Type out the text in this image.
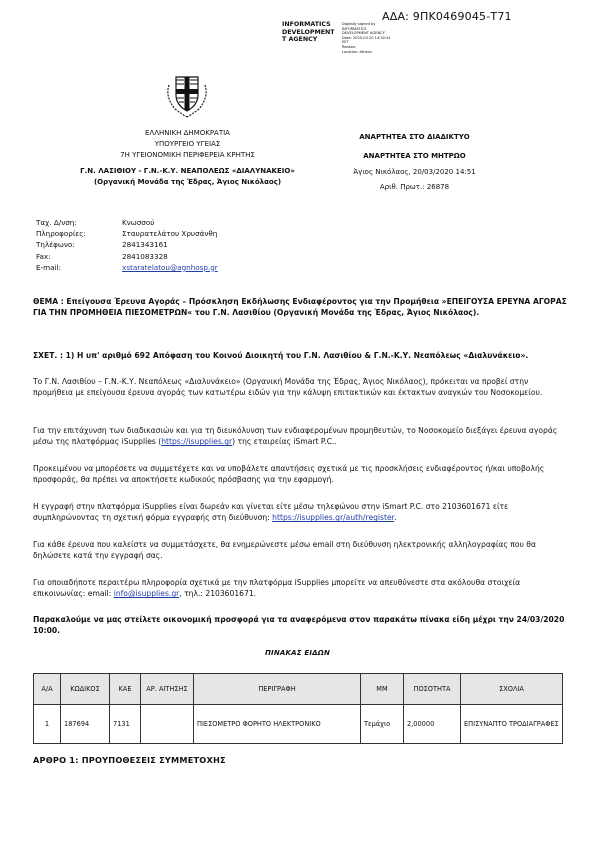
ΑΔΑ: 9ΠΚ0469045-Τ71
INFORMATICS
DEVELOPMENT
T AGENCY
Digitally signed by
INFORMATICS
DEVELOPMENT AGENCY
Date: 2020.03.20 14:52:41
EET
Reason:
Location: Athens
ΕΛΛΗΝΙΚΗ ΔΗΜΟΚΡΑΤΙΑ
ΥΠΟΥΡΓΕΙΟ ΥΓΕΙΑΣ
7Η ΥΓΕΙΟΝΟΜΙΚΗ ΠΕΡΙΦΕΡΕΙΑ ΚΡΗΤΗΣ
Γ.Ν. ΛΑΣΙΘΙΟΥ - Γ.Ν.-Κ.Υ. ΝΕΑΠΟΛΕΩΣ «ΔΙΑΛΥΝΑΚΕΙΟ»
(Οργανική Μονάδα της Έδρας, Άγιος Νικόλαος)
ΑΝΑΡΤΗΤΕΑ ΣΤΟ ΔΙΑΔΙΚΤΥΟ
ΑΝΑΡΤΗΤΕΑ ΣΤΟ ΜΗΤΡΩΟ
Άγιος Νικόλαος, 20/03/2020 14:51
Αριθ. Πρωτ.: 26878
Ταχ. Δ/νση:	Κνωσσού
Πληροφορίες:	Σταυρατελάτου Χρυσάνθη
Τηλέφωνο:	2841343161
Fax:	2841083328
E-mail:	xstaratelatou@agnhosp.gr

ΘΕΜΑ : Επείγουσα Έρευνα Αγοράς – Πρόσκληση Εκδήλωσης Ενδιαφέροντος για την Προμήθεια »ΕΠΕΙΓΟΥΣΑ ΕΡΕΥΝΑ ΑΓΟΡΑΣ ΓΙΑ ΤΗΝ ΠΡΟΜΗΘΕΙΑ ΠΙΕΣΟΜΕΤΡΩΝ« του Γ.Ν. Λασιθίου (Οργανική Μονάδα της Έδρας, Άγιος Νικόλαος).

ΣΧΕΤ. : 1) Η υπ' αριθμό 692 Απόφαση του Κοινού Διοικητή του Γ.Ν. Λασιθίου & Γ.Ν.-Κ.Υ. Νεαπόλεως «Διαλυνάκειο».

Το Γ.Ν. Λασιθίου – Γ.Ν.-Κ.Υ. Νεαπόλεως «Διαλυνάκειο» (Οργανική Μονάδα της Έδρας, Άγιος Νικόλαος), πρόκειται να προβεί στην προμήθεια με επείγουσα έρευνα αγοράς των κατωτέρω ειδών για την κάλυψη επιτακτικών και έκτακτων αναγκών του Νοσοκομείου.

Για την επιτάχυνση των διαδικασιών και για τη διευκόλυνση των ενδιαφερομένων προμηθευτών, το Νοσοκομείο διεξάγει έρευνα αγοράς μέσω της πλατφόρμας iSupplies (https://isupplies.gr) της εταιρείας iSmart P.C..

Προκειμένου να μπορέσετε να συμμετέχετε και να υποβάλετε απαντήσεις σχετικά με τις προσκλήσεις ενδιαφέροντος ή/και υποβολής προσφοράς, θα πρέπει να αποκτήσετε κωδικούς πρόσβασης για την εφαρμογή.

Η εγγραφή στην πλατφόρμα iSupplies είναι δωρεάν και γίνεται είτε μέσω τηλεφώνου στην iSmart P.C. στο 2103601671 είτε συμπληρώνοντας τη σχετική φόρμα εγγραφής στη διεύθυνση: https://isupplies.gr/auth/register.

Για κάθε έρευνα που καλείστε να συμμετάσχετε, θα ενημερώνεστε μέσω email στη διεύθυνση ηλεκτρονικής αλληλογραφίας που θα δηλώσετε κατά την εγγραφή σας.

Για οποιαδήποτε περαιτέρω πληροφορία σχετικά με την πλατφόρμα iSupplies μπορείτε να απευθύνεστε στα ακόλουθα στοιχεία επικοινωνίας: email: info@isupplies.gr, τηλ.: 2103601671.

Παρακαλούμε να μας στείλετε οικονομική προσφορά για τα αναφερόμενα στον παρακάτω πίνακα είδη μέχρι την 24/03/2020 10:00.
ΠΙΝΑΚΑΣ ΕΙΔΩΝ
Α/Α	ΚΩΔΙΚΟΣ	ΚΑΕ	ΑΡ. ΑΙΤΗΣΗΣ	ΠΕΡΙΓΡΑΦΗ	ΜΜ	ΠΟΣΟΤΗΤΑ	ΣΧΟΛΙΑ
1	187694	7131		ΠΙΕΣΟΜΕΤΡΟ ΦΟΡΗΤΟ ΗΛΕΚΤΡΟΝΙΚΟ	Τεμάχιο	2,00000	ΕΠΙΣΥΝΑΠΤΟ ΤΡΟΔΙΑΓΡΑΦΕΣ
ΑΡΘΡΟ 1: ΠΡΟΥΠΟΘΕΣΕΙΣ ΣΥΜΜΕΤΟΧΗΣ
